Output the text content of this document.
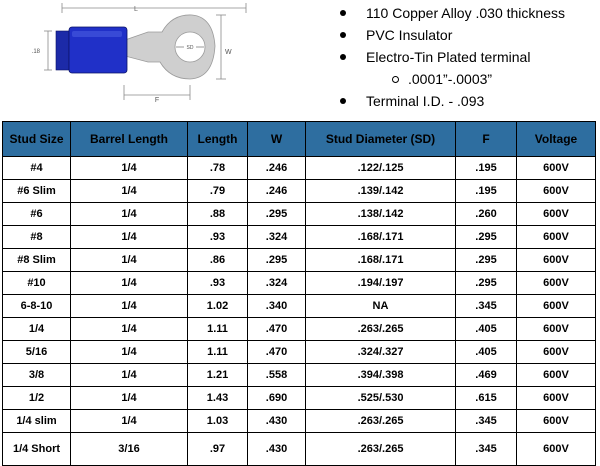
L
SD
.18	W
F
110 Copper Alloy .030 thickness
PVC Insulator
Electro-Tin Plated terminal
.0001”-.0003”
Terminal I.D. - .093
Stud Size	Barrel Length	Length	W	Stud Diameter (SD)	F	Voltage
#4	1/4	.78	.246	.122/.125	.195	600V
#6 Slim	1/4	.79	.246	.139/.142	.195	600V
#6	1/4	.88	.295	.138/.142	.260	600V
#8	1/4	.93	.324	.168/.171	.295	600V
#8 Slim	1/4	.86	.295	.168/.171	.295	600V
#10	1/4	.93	.324	.194/.197	.295	600V
6-8-10	1/4	1.02	.340	NA	.345	600V
1/4	1/4	1.11	.470	.263/.265	.405	600V
5/16	1/4	1.11	.470	.324/.327	.405	600V
3/8	1/4	1.21	.558	.394/.398	.469	600V
1/2	1/4	1.43	.690	.525/.530	.615	600V
1/4 slim	1/4	1.03	.430	.263/.265	.345	600V
1/4 Short	3/16	.97	.430	.263/.265	.345	600V
